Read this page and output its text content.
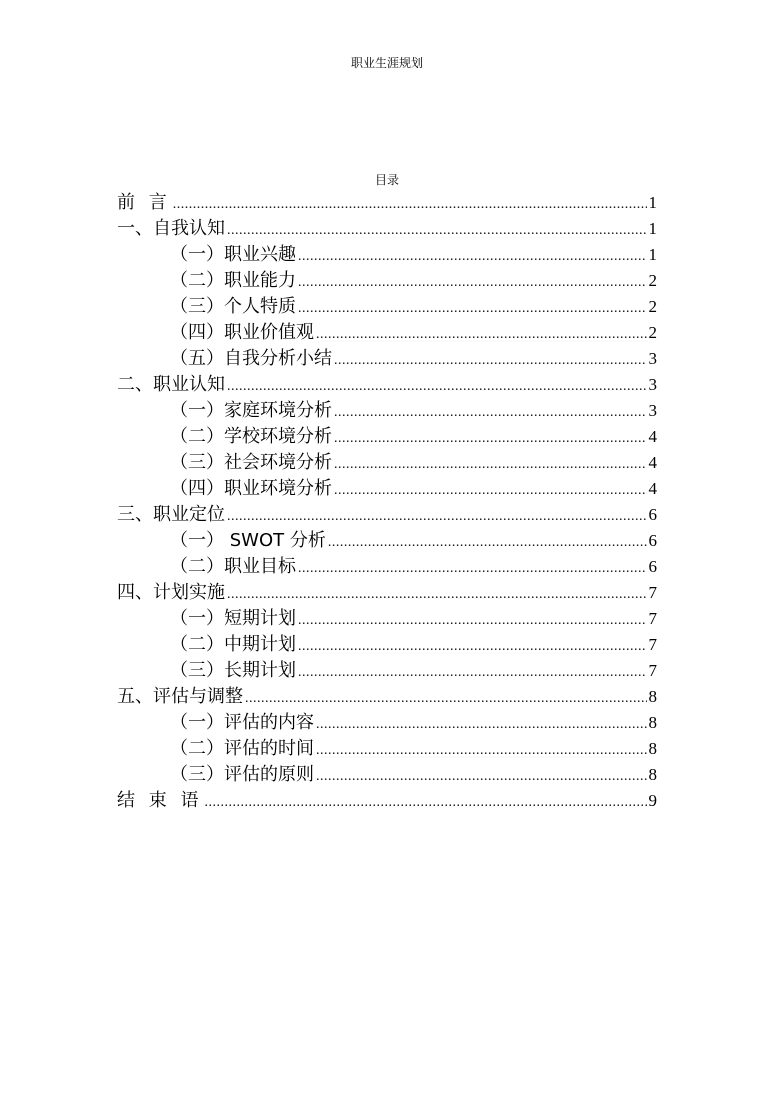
职业生涯规划
目录
前 言 .....	1
一、自我认知 .....	1
（一）职业兴趣 .....	1
（二）职业能力 .....	2
（三）个人特质 .....	2
（四）职业价值观 .....	2
（五）自我分析小结 .....	3
二、职业认知 .....	3
（一）家庭环境分析 .....	3
（二）学校环境分析 .....	4
（三）社会环境分析 .....	4
（四）职业环境分析 .....	4
三、职业定位 .....	6
（一） SWOT 分析 .....	6
（二）职业目标 .....	6
四、计划实施 .....	7
（一）短期计划 .....	7
（二）中期计划 .....	7
（三）长期计划 .....	7
五、评估与调整 .....	8
（一）评估的内容 .....	8
（二）评估的时间 .....	8
（三）评估的原则 .....	8
结 束 语 .....	9
